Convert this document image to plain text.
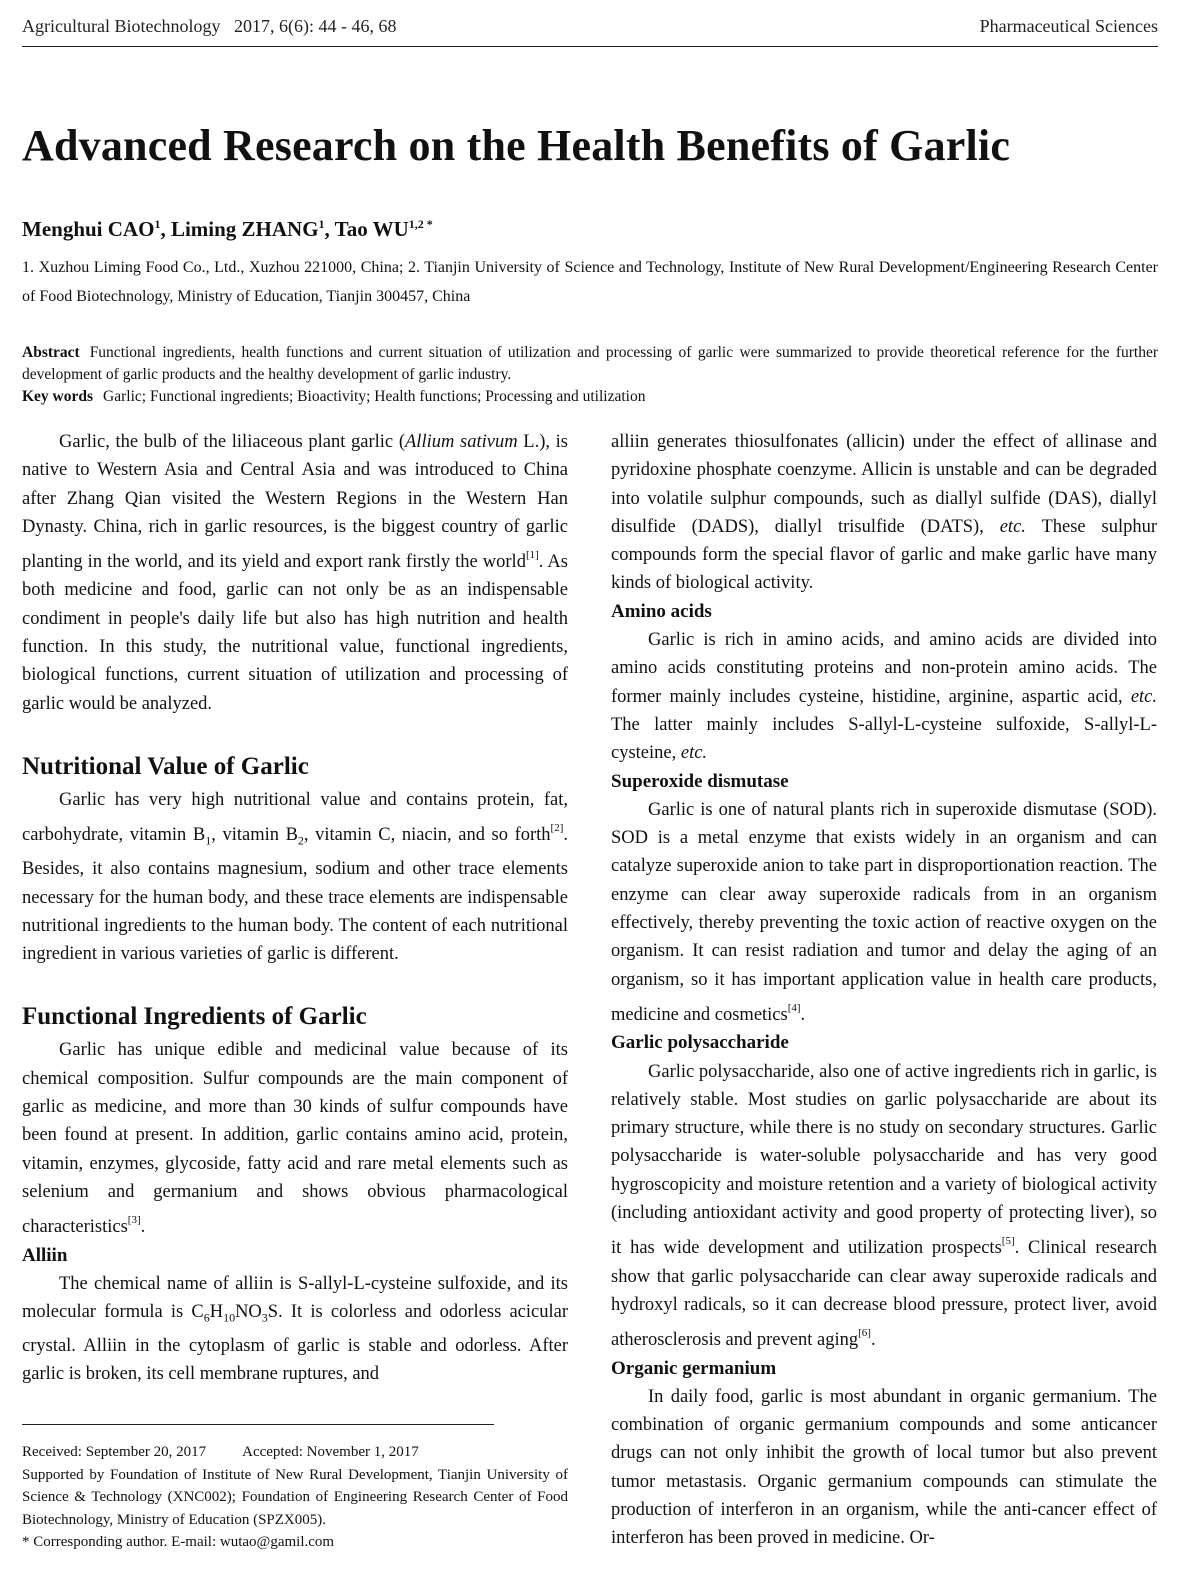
Agricultural Biotechnology   2017, 6(6): 44 - 46, 68	Pharmaceutical Sciences
Advanced Research on the Health Benefits of Garlic
Menghui CAO$^1$, Liming ZHANG$^1$, Tao $WU^{1,2 *}$
1. Xuzhou Liming Food Co., Ltd., Xuzhou 221000, China; 2. Tianjin University of Science and Technology, Institute of New Rural Development/Engineering Research Center of Food Biotechnology, Ministry of Education, Tianjin 300457, China
Abstract Functional ingredients, health functions and current situation of utilization and processing of garlic were summarized to provide theoretical reference for the further development of garlic products and the healthy development of garlic industry.
Key words Garlic; Functional ingredients; Bioactivity; Health functions; Processing and utilization

Garlic, the bulb of the liliaceous plant garlic (Allium sativum L.), is native to Western Asia and Central Asia and was introduced to China after Zhang Qian visited the Western Regions in the Western Han Dynasty. China, rich in garlic resources, is the biggest country of garlic planting in the world, and its yield and export rank firstly the world[1]. As both medicine and food, garlic can not only be as an indispensable condiment in people's daily life but also has high nutrition and health function. In this study, the nutritional value, functional ingredients, biological functions, current situation of utilization and processing of garlic would be analyzed.

Nutritional Value of Garlic

Garlic has very high nutritional value and contains protein, fat, carbohydrate, vitamin $B_1$, vitamin $B_2$, vitamin C, niacin, and so forth[2]. Besides, it also contains magnesium, sodium and other trace elements necessary for the human body, and these trace elements are indispensable nutritional ingredients to the human body. The content of each nutritional ingredient in various varieties of garlic is different.

Functional Ingredients of Garlic

Garlic has unique edible and medicinal value because of its chemical composition. Sulfur compounds are the main component of garlic as medicine, and more than 30 kinds of sulfur compounds have been found at present. In addition, garlic contains amino acid, protein, vitamin, enzymes, glycoside, fatty acid and rare metal elements such as selenium and germanium and shows obvious pharmacological characteristics[3].

Alliin

The chemical name of alliin is S-allyl-L-cysteine sulfoxide, and its molecular formula is $C_6H_{10}NO_3S$. It is colorless and odorless acicular crystal. Alliin in the cytoplasm of garlic is stable and odorless. After garlic is broken, its cell membrane ruptures, and

Received: September 20, 2017 Accepted: November 1, 2017

Supported by Foundation of Institute of New Rural Development, Tianjin University of Science & Technology (XNC002); Foundation of Engineering Research Center of Food Biotechnology, Ministry of Education (SPZX005).

* Corresponding author. E-mail: wutao@gamil.com

alliin generates thiosulfonates (allicin) under the effect of allinase and pyridoxine phosphate coenzyme. Allicin is unstable and can be degraded into volatile sulphur compounds, such as diallyl sulfide (DAS), diallyl disulfide (DADS), diallyl trisulfide (DATS), etc. These sulphur compounds form the special flavor of garlic and make garlic have many kinds of biological activity.

Amino acids

Garlic is rich in amino acids, and amino acids are divided into amino acids constituting proteins and non-protein amino acids. The former mainly includes cysteine, histidine, arginine, aspartic acid, etc. The latter mainly includes S-allyl-L-cysteine sulfoxide, S-allyl-L-cysteine, etc.

Superoxide dismutase

Garlic is one of natural plants rich in superoxide dismutase (SOD). SOD is a metal enzyme that exists widely in an organism and can catalyze superoxide anion to take part in disproportionation reaction. The enzyme can clear away superoxide radicals from in an organism effectively, thereby preventing the toxic action of reactive oxygen on the organism. It can resist radiation and tumor and delay the aging of an organism, so it has important application value in health care products, medicine and cosmetics[4].

Garlic polysaccharide

Garlic polysaccharide, also one of active ingredients rich in garlic, is relatively stable. Most studies on garlic polysaccharide are about its primary structure, while there is no study on secondary structures. Garlic polysaccharide is water-soluble polysaccharide and has very good hygroscopicity and moisture retention and a variety of biological activity (including antioxidant activity and good property of protecting liver), so it has wide development and utilization prospects[5]. Clinical research show that garlic polysaccharide can clear away superoxide radicals and hydroxyl radicals, so it can decrease blood pressure, protect liver, avoid atherosclerosis and prevent aging[6].

Organic germanium

In daily food, garlic is most abundant in organic germanium. The combination of organic germanium compounds and some anticancer drugs can not only inhibit the growth of local tumor but also prevent tumor metastasis. Organic germanium compounds can stimulate the production of interferon in an organism, while the anti-cancer effect of interferon has been proved in medicine. Or-
